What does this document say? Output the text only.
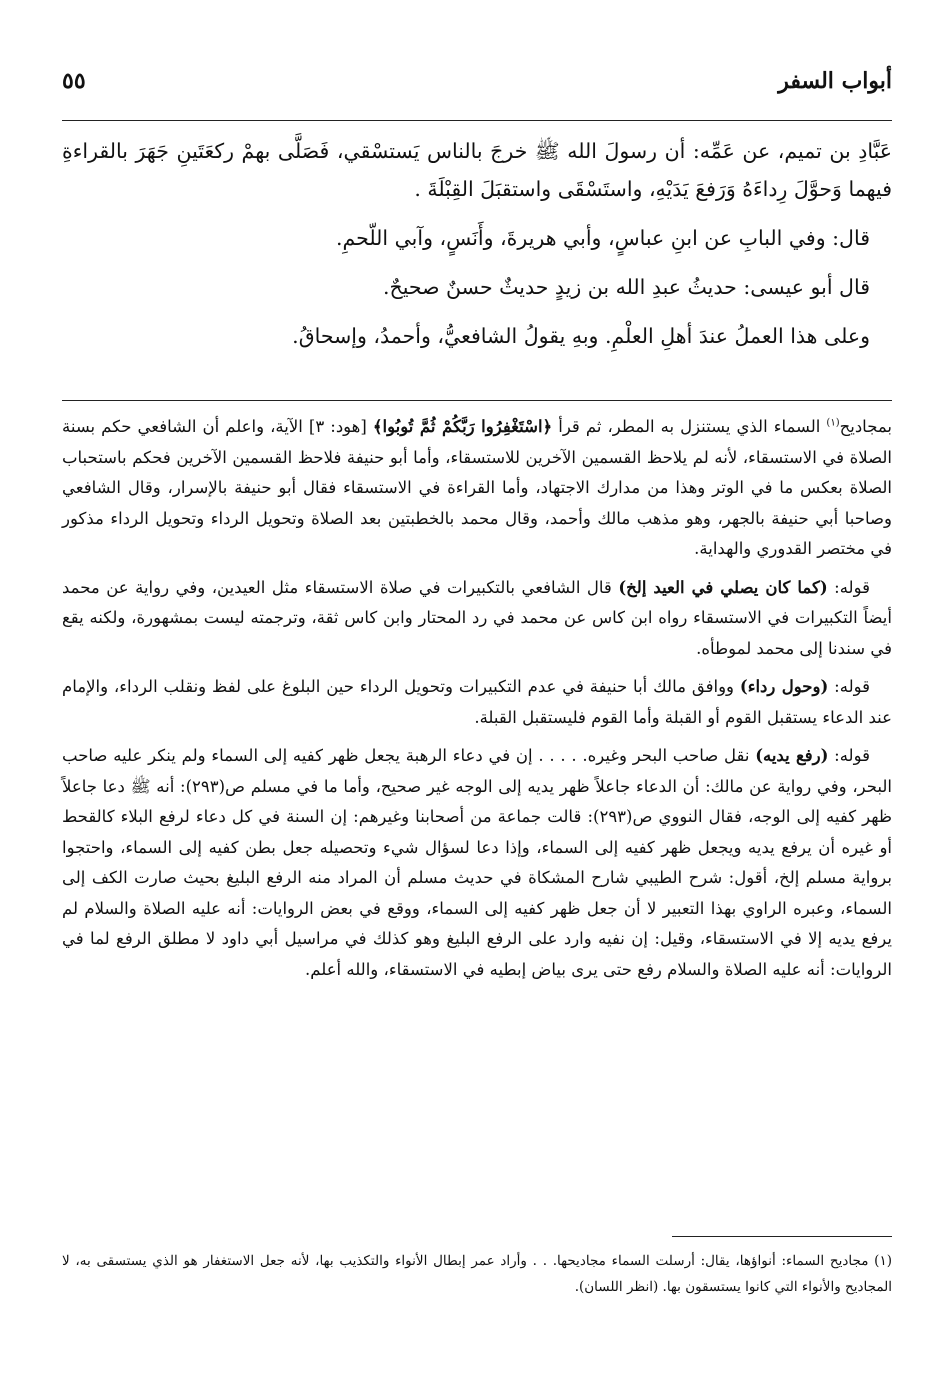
أبواب السفر
٥٥

عَبَّادِ بن تميم، عن عَمِّه: أن رسولَ الله ﷺ خرجَ بالناس يَستسْقي، فَصَلَّى بهمْ ركعَتَينِ جَهَرَ بالقراءةِ فيهما وَحوَّلَ رِداءَهُ وَرَفعَ يَدَيْهِ، واستَسْقَى واستقبَلَ القِبْلَةَ .

قال: وفي البابِ عن ابنِ عباسٍ، وأبي هريرةَ، وأَنَسٍ، وآبي اللّحمِ.

قال أبو عيسى: حديثُ عبدِ الله بن زيدٍ حديثٌ حسنٌ صحيحٌ.

وعلى هذا العملُ عندَ أهلِ العلْمِ. وبهِ يقولُ الشافعيُّ، وأحمدُ، وإسحاقُ.

بمجاديح$^{(١)}$ السماء الذي يستنزل به المطر، ثم قرأ ﴿اسْتَغْفِرُوا رَبَّكُمْ ثُمَّ تُوبُوا﴾ [هود: ٣] الآية، واعلم أن الشافعي حكم بسنة الصلاة في الاستسقاء، لأنه لم يلاحظ القسمين الآخرين للاستسقاء، وأما أبو حنيفة فلاحظ القسمين الآخرين فحكم باستحباب الصلاة بعكس ما في الوتر وهذا من مدارك الاجتهاد، وأما القراءة في الاستسقاء فقال أبو حنيفة بالإسرار، وقال الشافعي وصاحبا أبي حنيفة بالجهر، وهو مذهب مالك وأحمد، وقال محمد بالخطبتين بعد الصلاة وتحويل الرداء وتحويل الرداء مذكور في مختصر القدوري والهداية.

قوله: (كما كان يصلي في العيد إلخ) قال الشافعي بالتكبيرات في صلاة الاستسقاء مثل العيدين، وفي رواية عن محمد أيضاً التكبيرات في الاستسقاء رواه ابن كاس عن محمد في رد المحتار وابن كاس ثقة، وترجمته ليست بمشهورة، ولكنه يقع في سندنا إلى محمد لموطأه.

قوله: (وحول رداء) ووافق مالك أبا حنيفة في عدم التكبيرات وتحويل الرداء حين البلوغ على لفظ ونقلب الرداء، والإمام عند الدعاء يستقبل القوم أو القبلة وأما القوم فليستقبل القبلة.

قوله: (رفع يديه) نقل صاحب البحر وغيره. . . . . إن في دعاء الرهبة يجعل ظهر كفيه إلى السماء ولم ينكر عليه صاحب البحر، وفي رواية عن مالك: أن الدعاء جاعلاً ظهر يديه إلى الوجه غير صحيح، وأما ما في مسلم ص(٢٩٣): أنه ﷺ دعا جاعلاً ظهر كفيه إلى الوجه، فقال النووي ص(٢٩٣): قالت جماعة من أصحابنا وغيرهم: إن السنة في كل دعاء لرفع البلاء كالقحط أو غيره أن يرفع يديه ويجعل ظهر كفيه إلى السماء، وإذا دعا لسؤال شيء وتحصيله جعل بطن كفيه إلى السماء، واحتجوا برواية مسلم إلخ، أقول: شرح الطيبي شارح المشكاة في حديث مسلم أن المراد منه الرفع البليغ بحيث صارت الكف إلى السماء، وعبره الراوي بهذا التعبير لا أن جعل ظهر كفيه إلى السماء، ووقع في بعض الروايات: أنه عليه الصلاة والسلام لم يرفع يديه إلا في الاستسقاء، وقيل: إن نفيه وارد على الرفع البليغ وهو كذلك في مراسيل أبي داود لا مطلق الرفع لما في الروايات: أنه عليه الصلاة والسلام رفع حتى يرى بياض إبطيه في الاستسقاء، والله أعلم.

(١) مجاديح السماء: أنواؤها، يقال: أرسلت السماء مجاديحها. . . وأراد عمر إبطال الأنواء والتكذيب بها، لأنه جعل الاستغفار هو الذي يستسقى به، لا المجاديح والأنواء التي كانوا يستسقون بها. (انظر اللسان).
